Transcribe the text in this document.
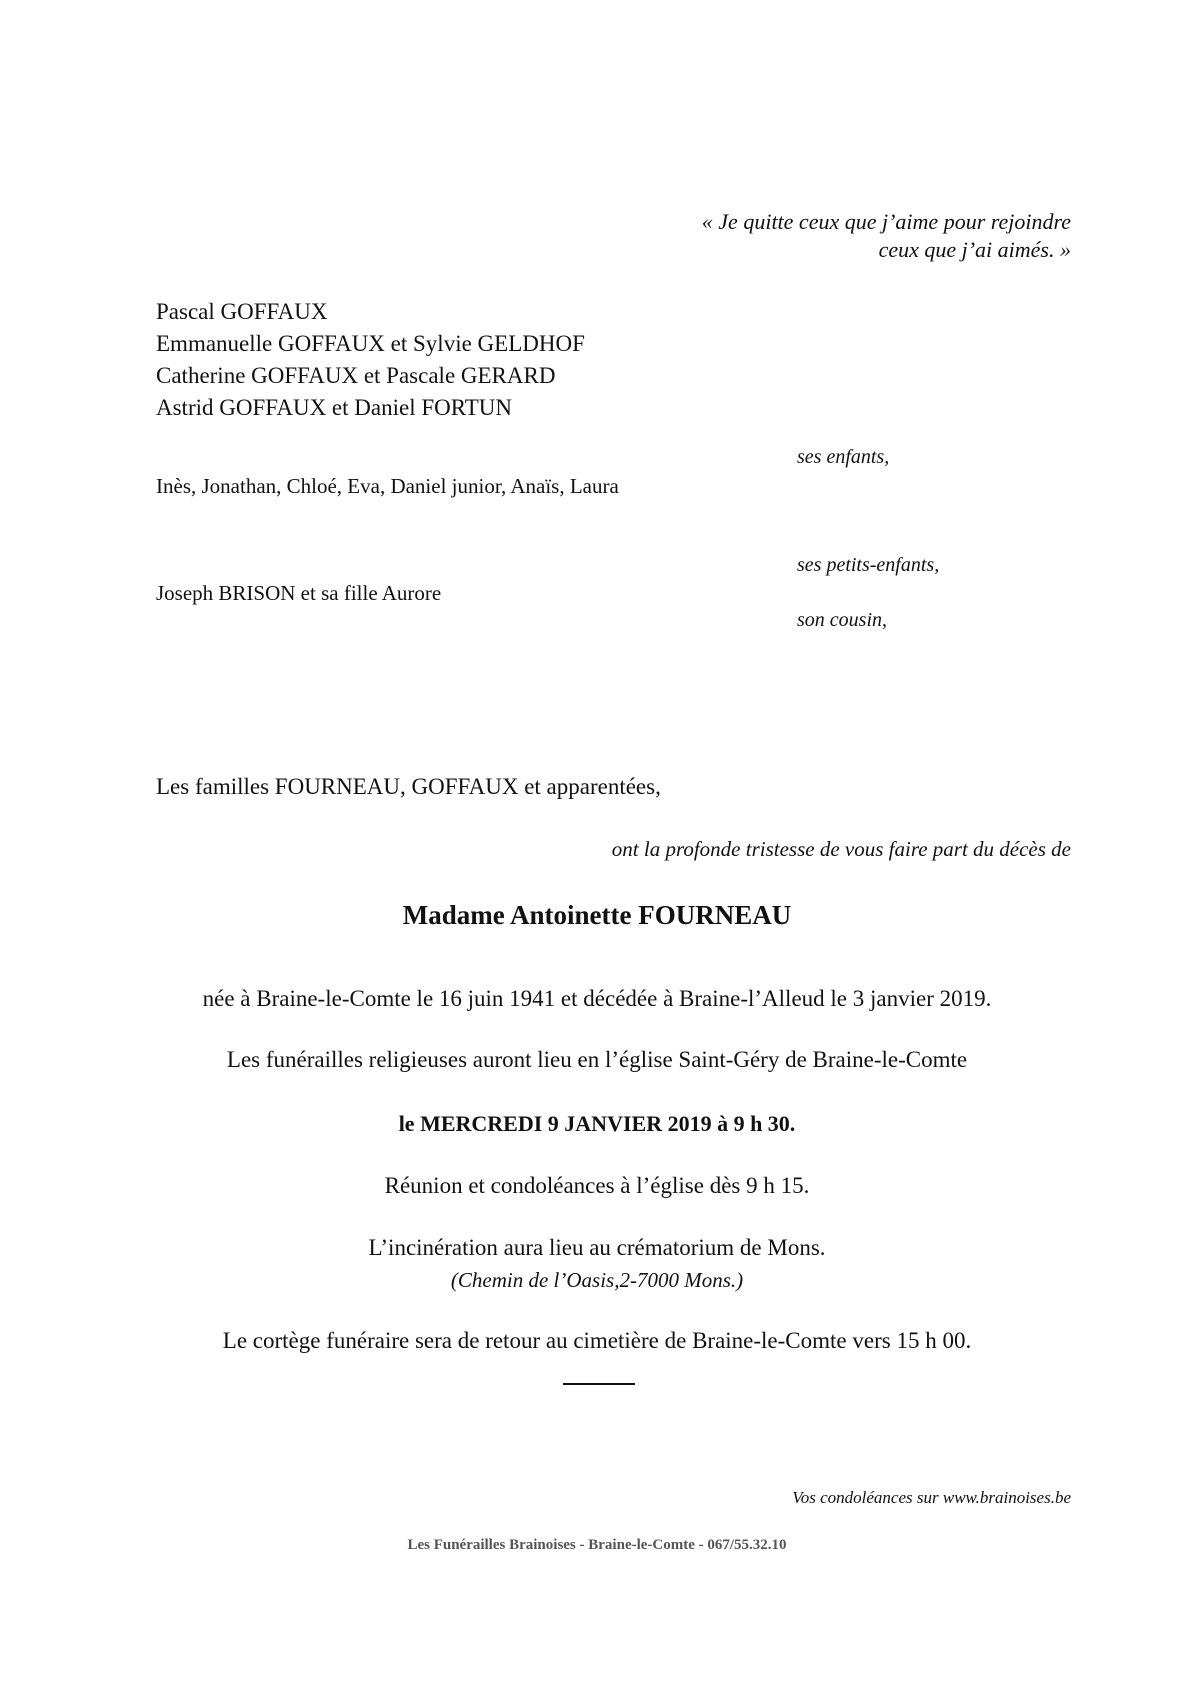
« Je quitte ceux que j’aime pour rejoindre
ceux que j’ai aimés. »
Pascal GOFFAUX
Emmanuelle GOFFAUX et Sylvie GELDHOF
Catherine GOFFAUX et Pascale GERARD
Astrid GOFFAUX et Daniel FORTUN
ses enfants,
Inès, Jonathan, Chloé, Eva, Daniel junior, Anaïs, Laura
ses petits-enfants,
Joseph BRISON et sa fille Aurore
son cousin,
Les familles FOURNEAU, GOFFAUX et apparentées,
ont la profonde tristesse de vous faire part du décès de
Madame Antoinette FOURNEAU
née à Braine-le-Comte le 16 juin 1941 et décédée à Braine-l’Alleud le 3 janvier 2019.
Les funérailles religieuses auront lieu en l’église Saint-Géry de Braine-le-Comte
le MERCREDI 9 JANVIER 2019 à 9 h 30.
Réunion et condoléances à l’église dès 9 h 15.
L’incinération aura lieu au crématorium de Mons.
(Chemin de l’Oasis,2-7000 Mons.)
Le cortège funéraire sera de retour au cimetière de Braine-le-Comte vers 15 h 00.
Vos condoléances sur www.brainoises.be
Les Funérailles Brainoises - Braine-le-Comte - 067/55.32.10
